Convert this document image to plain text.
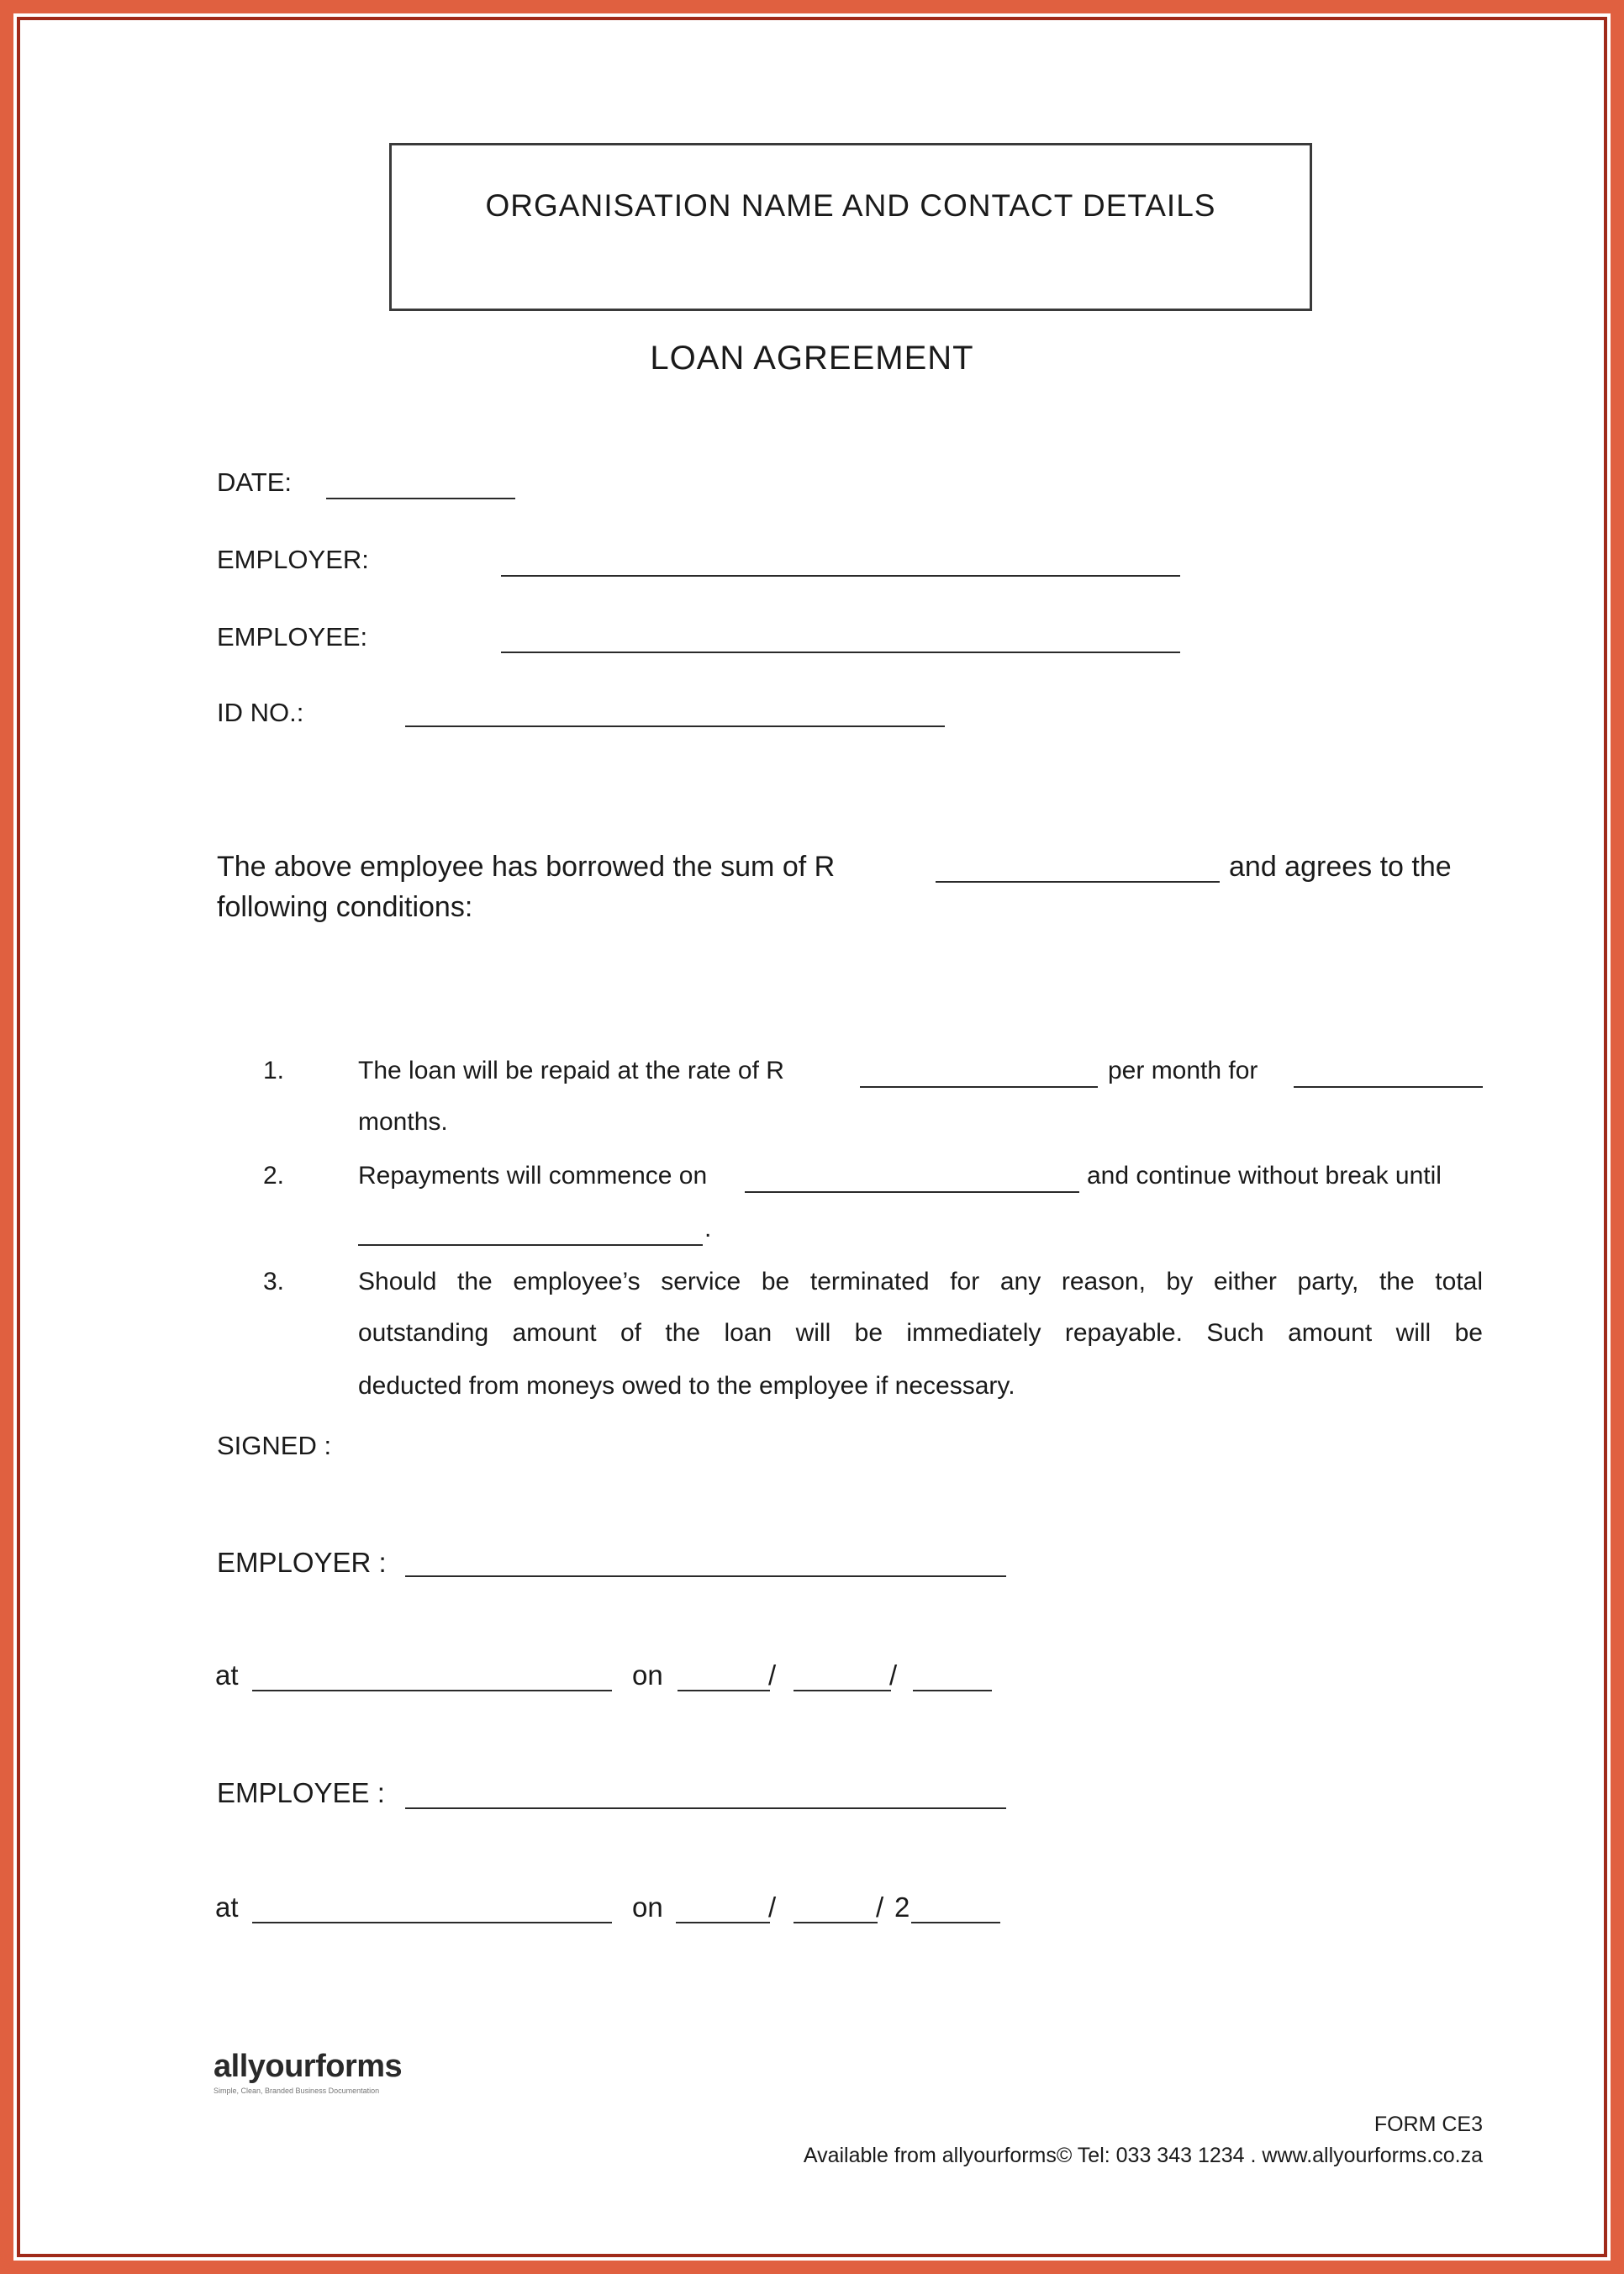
ORGANISATION NAME AND CONTACT DETAILS
LOAN AGREEMENT
DATE:
EMPLOYER:
EMPLOYEE:
ID NO.:
The above employee has borrowed the sum of R	and agrees to the
following conditions:
1.	The loan will be repaid at the rate of R	per month for
months.
2.	Repayments will commence on	and continue without break until
.
3.	Should the employee’s service be terminated for any reason, by either party, the total
outstanding amount of the loan will be immediately repayable. Such amount will be
deducted from moneys owed to the employee if necessary.
SIGNED :
EMPLOYER :
at	on	/	/
EMPLOYEE :
at	on	/	/ 2
allyourforms
Simple, Clean, Branded Business Documentation
FORM CE3
Available from allyourforms© Tel: 033 343 1234 . www.allyourforms.co.za
